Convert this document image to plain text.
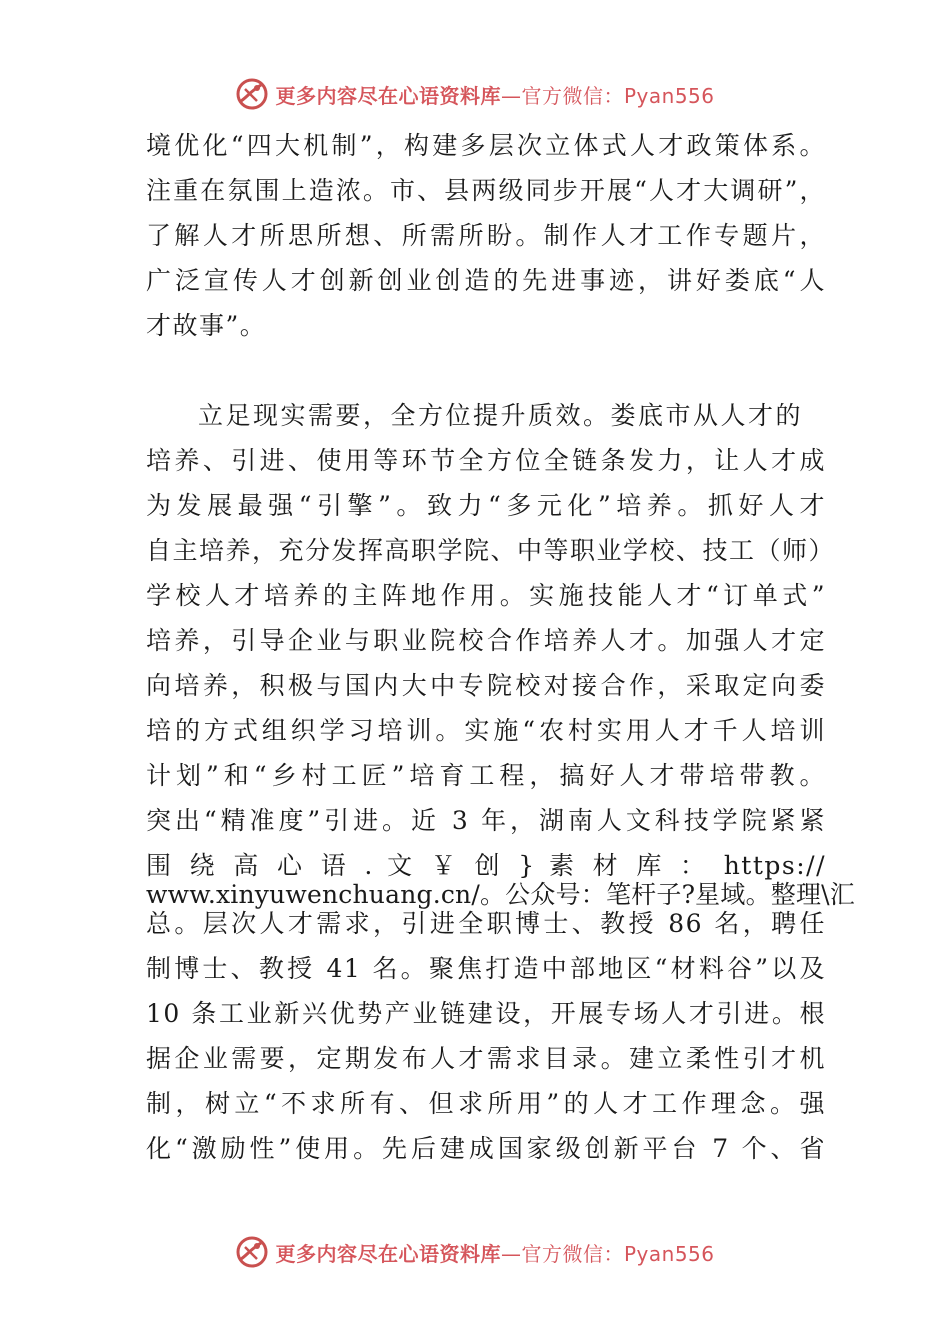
更多内容尽在心语资料库—官方微信：Pyan556
境优化“四大机制”，构建多层次立体式人才政策体系。
注重在氛围上造浓。市、县两级同步开展“人才大调研”，
了解人才所思所想、所需所盼。制作人才工作专题片，
广泛宣传人才创新创业创造的先进事迹，讲好娄底“人
才故事”。
立足现实需要，全方位提升质效。娄底市从人才的
培养、引进、使用等环节全方位全链条发力，让人才成
为发展最强“引擎”。致力“多元化”培养。抓好人才
自主培养，充分发挥高职学院、中等职业学校、技工（师）
学校人才培养的主阵地作用。实施技能人才“订单式”
培养，引导企业与职业院校合作培养人才。加强人才定
向培养，积极与国内大中专院校对接合作，采取定向委
培的方式组织学习培训。实施“农村实用人才千人培训
计划”和“乡村工匠”培育工程，搞好人才带培带教。
突出“精准度”引进。近 3 年，湖南人文科技学院紧紧
围 绕 高 心 语 . 文 ￥ 创 } 素 材 库 ： https://
www.xinyuwenchuang.cn/。公众号：笔杆子?星域。整理\汇
总。层次人才需求，引进全职博士、教授 86 名，聘任
制博士、教授 41 名。聚焦打造中部地区“材料谷”以及
10 条工业新兴优势产业链建设，开展专场人才引进。根
据企业需要，定期发布人才需求目录。建立柔性引才机
制，树立“不求所有、但求所用”的人才工作理念。强
化“激励性”使用。先后建成国家级创新平台 7 个、省
更多内容尽在心语资料库—官方微信：Pyan556
